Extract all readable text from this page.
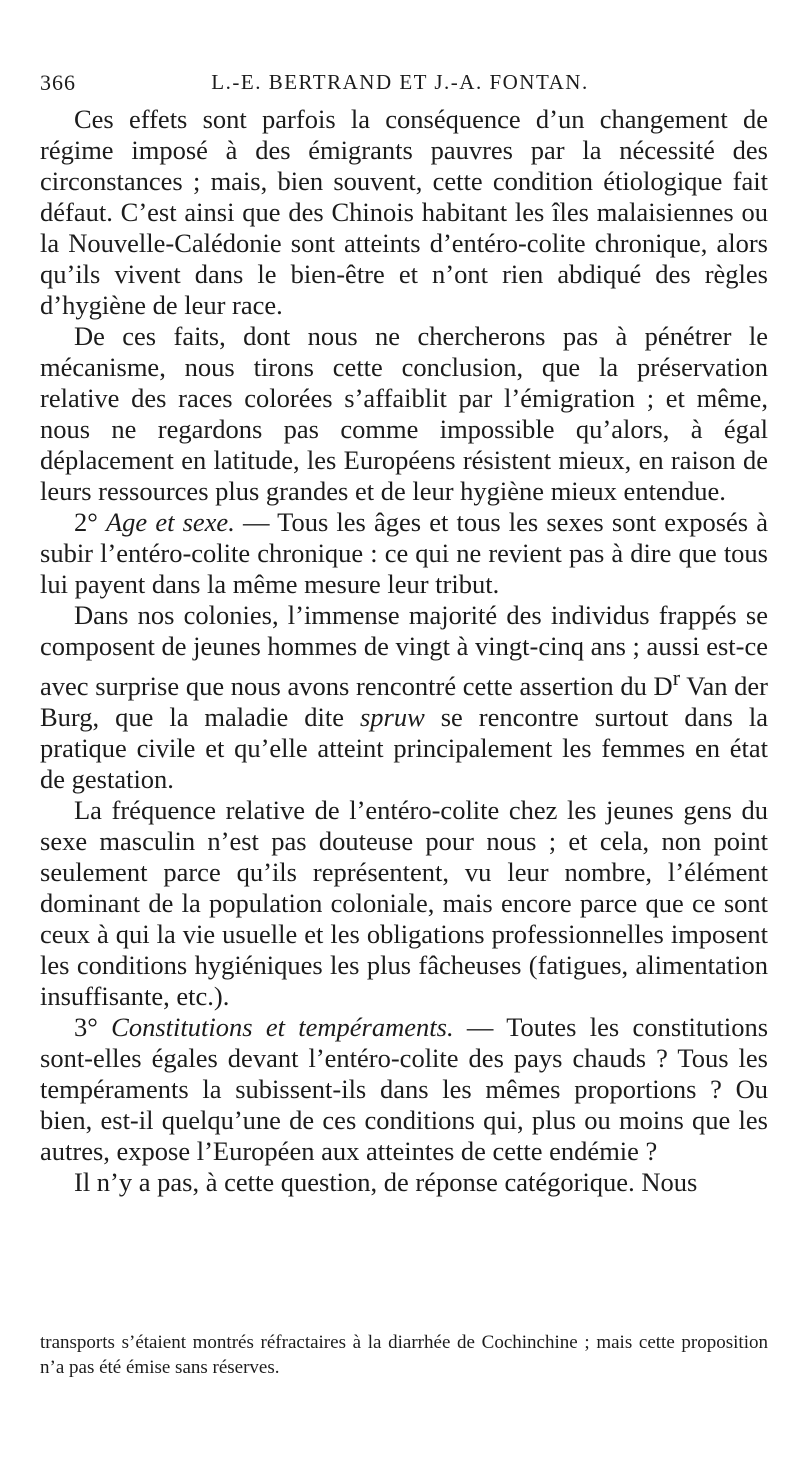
366	L.-E. BERTRAND ET J.-A. FONTAN.

Ces effets sont parfois la conséquence d’un changement de régime imposé à des émigrants pauvres par la nécessité des circonstances ; mais, bien souvent, cette condition étiologique fait défaut. C’est ainsi que des Chinois habitant les îles malaisiennes ou la Nouvelle-Calédonie sont atteints d’entéro-colite chronique, alors qu’ils vivent dans le bien-être et n’ont rien abdiqué des règles d’hygiène de leur race.

De ces faits, dont nous ne chercherons pas à pénétrer le mécanisme, nous tirons cette conclusion, que la préservation relative des races colorées s’affaiblit par l’émigration ; et même, nous ne regardons pas comme impossible qu’alors, à égal déplacement en latitude, les Européens résistent mieux, en raison de leurs ressources plus grandes et de leur hygiène mieux entendue.

2° Age et sexe. — Tous les âges et tous les sexes sont exposés à subir l’entéro-colite chronique : ce qui ne revient pas à dire que tous lui payent dans la même mesure leur tribut.

Dans nos colonies, l’immense majorité des individus frappés se composent de jeunes hommes de vingt à vingt-cinq ans ; aussi est-ce avec surprise que nous avons rencontré cette assertion du $D^r$ Van der Burg, que la maladie dite spruw se rencontre surtout dans la pratique civile et qu’elle atteint principalement les femmes en état de gestation.

La fréquence relative de l’entéro-colite chez les jeunes gens du sexe masculin n’est pas douteuse pour nous ; et cela, non point seulement parce qu’ils représentent, vu leur nombre, l’élément dominant de la population coloniale, mais encore parce que ce sont ceux à qui la vie usuelle et les obligations professionnelles imposent les conditions hygiéniques les plus fâcheuses (fatigues, alimentation insuffisante, etc.).

3° Constitutions et tempéraments. — Toutes les constitutions sont-elles égales devant l’entéro-colite des pays chauds ? Tous les tempéraments la subissent-ils dans les mêmes proportions ? Ou bien, est-il quelqu’une de ces conditions qui, plus ou moins que les autres, expose l’Européen aux atteintes de cette endémie ?

Il n’y a pas, à cette question, de réponse catégorique. Nous

transports s’étaient montrés réfractaires à la diarrhée de Cochinchine ; mais cette proposition n’a pas été émise sans réserves.
